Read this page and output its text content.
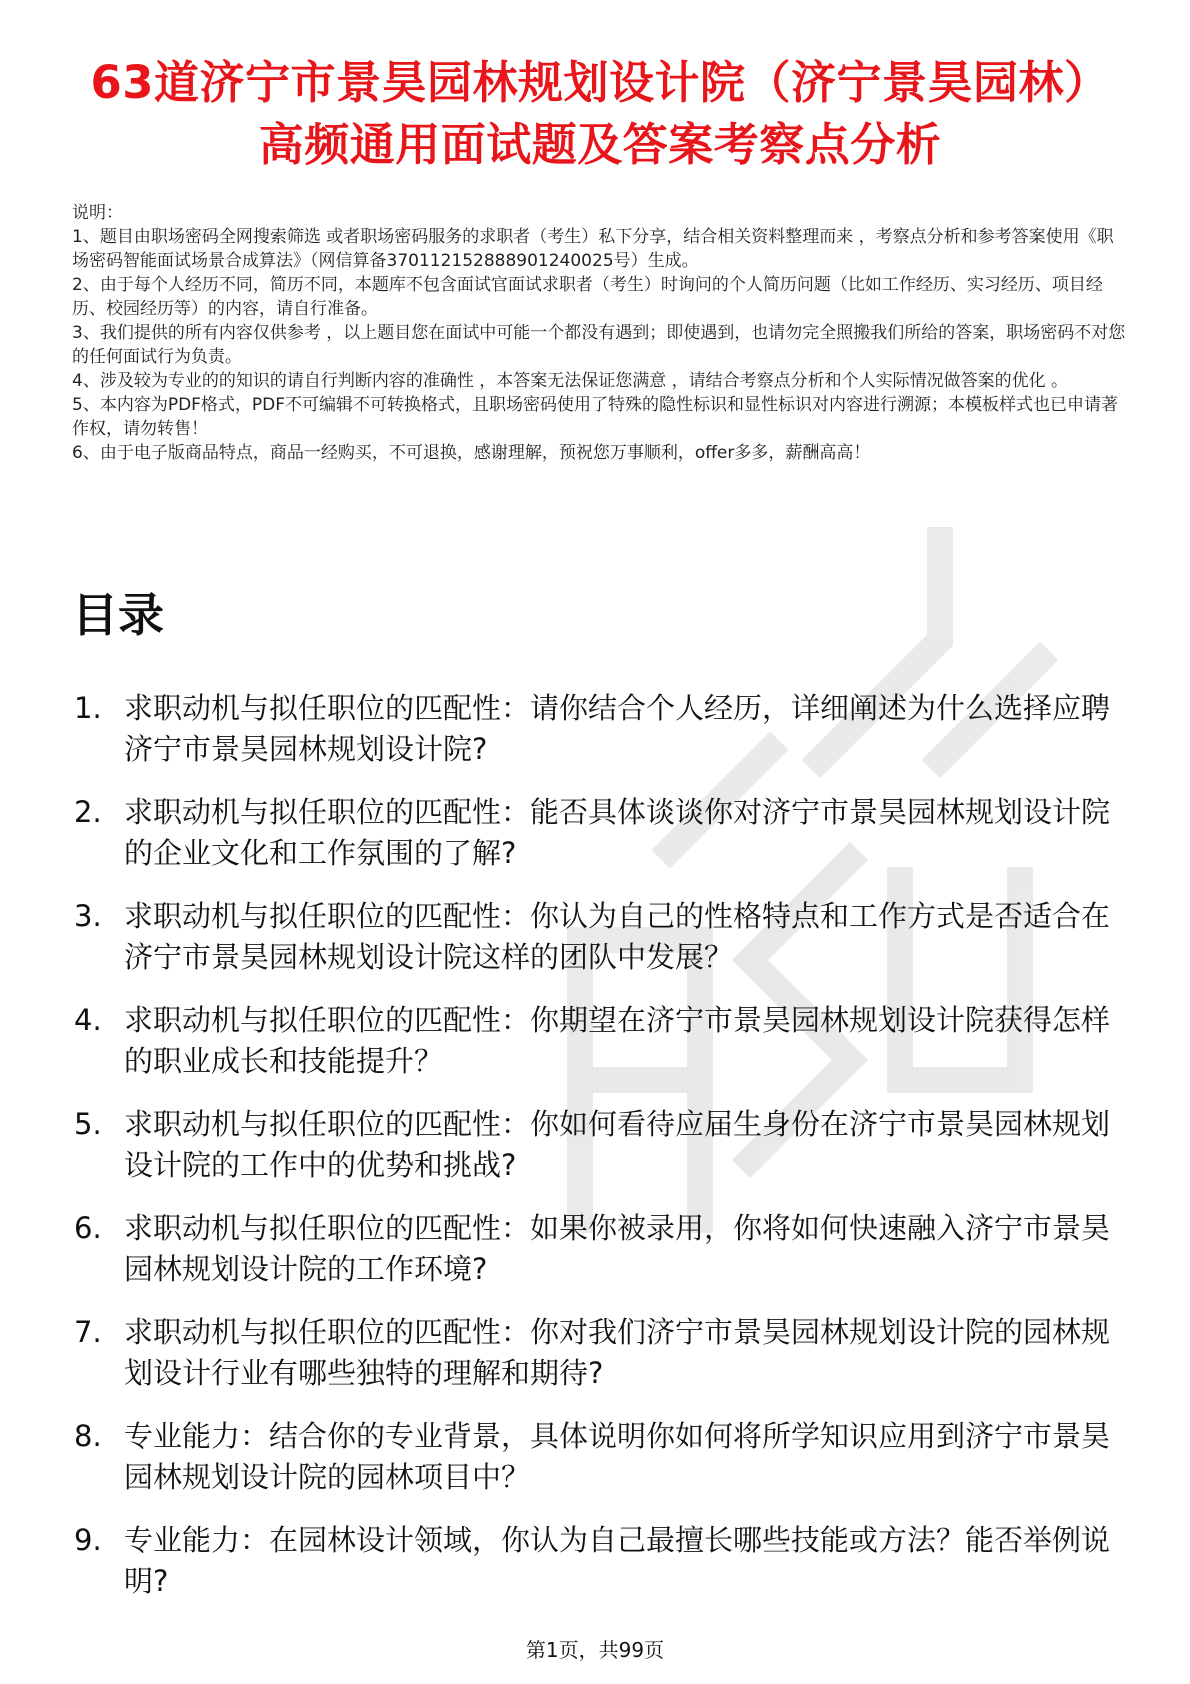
63道济宁市景昊园林规划设计院（济宁景昊园林）高频通用面试题及答案考察点分析
说明：

1、题目由职场密码全网搜索筛选 或者职场密码服务的求职者（考生）私下分享，结合相关资料整理而来 ，考察点分析和参考答案使用《职场密码智能面试场景合成算法》（网信算备370112152888901240025号）生成。

2、由于每个人经历不同，简历不同，本题库不包含面试官面试求职者（考生）时询问的个人简历问题（比如工作经历、实习经历、项目经历、校园经历等）的内容，请自行准备。

3、我们提供的所有内容仅供参考 ，以上题目您在面试中可能一个都没有遇到；即使遇到，也请勿完全照搬我们所给的答案，职场密码不对您的任何面试行为负责。

4、涉及较为专业的的知识的请自行判断内容的准确性 ，本答案无法保证您满意 ，请结合考察点分析和个人实际情况做答案的优化 。

5、本内容为PDF格式，PDF不可编辑不可转换格式，且职场密码使用了特殊的隐性标识和显性标识对内容进行溯源；本模板样式也已申请著作权，请勿转售！

6、由于电子版商品特点，商品一经购买，不可退换，感谢理解，预祝您万事顺利，offer多多，薪酬高高！

目录
1. 求职动机与拟任职位的匹配性：请你结合个人经历，详细阐述为什么选择应聘济宁市景昊园林规划设计院?
2. 求职动机与拟任职位的匹配性：能否具体谈谈你对济宁市景昊园林规划设计院的企业文化和工作氛围的了解?
3. 求职动机与拟任职位的匹配性：你认为自己的性格特点和工作方式是否适合在济宁市景昊园林规划设计院这样的团队中发展？
4. 求职动机与拟任职位的匹配性：你期望在济宁市景昊园林规划设计院获得怎样的职业成长和技能提升？
5. 求职动机与拟任职位的匹配性：你如何看待应届生身份在济宁市景昊园林规划设计院的工作中的优势和挑战?
6. 求职动机与拟任职位的匹配性：如果你被录用，你将如何快速融入济宁市景昊园林规划设计院的工作环境?
7. 求职动机与拟任职位的匹配性：你对我们济宁市景昊园林规划设计院的园林规划设计行业有哪些独特的理解和期待?
8. 专业能力：结合你的专业背景，具体说明你如何将所学知识应用到济宁市景昊园林规划设计院的园林项目中？
9. 专业能力：在园林设计领域，你认为自己最擅长哪些技能或方法？能否举例说明?
第1页，共99页
